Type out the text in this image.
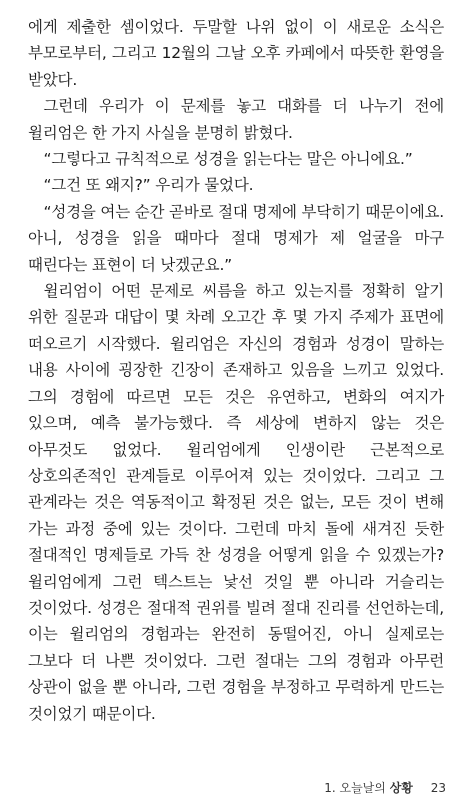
에게 제출한 셈이었다. 두말할 나위 없이 이 새로운 소식은 부모로부터, 그리고 12월의 그날 오후 카페에서 따뜻한 환영을 받았다.

그런데 우리가 이 문제를 놓고 대화를 더 나누기 전에 윌리엄은 한 가지 사실을 분명히 밝혔다.

“그렇다고 규칙적으로 성경을 읽는다는 말은 아니에요.”

“그건 또 왜지?” 우리가 물었다.

“성경을 여는 순간 곧바로 절대 명제에 부닥히기 때문이에요. 아니, 성경을 읽을 때마다 절대 명제가 제 얼굴을 마구 때린다는 표현이 더 낫겠군요.”

윌리엄이 어떤 문제로 씨름을 하고 있는지를 정확히 알기 위한 질문과 대답이 몇 차례 오고간 후 몇 가지 주제가 표면에 떠오르기 시작했다. 윌리엄은 자신의 경험과 성경이 말하는 내용 사이에 굉장한 긴장이 존재하고 있음을 느끼고 있었다. 그의 경험에 따르면 모든 것은 유연하고, 변화의 여지가 있으며, 예측 불가능했다. 즉 세상에 변하지 않는 것은 아무것도 없었다. 윌리엄에게 인생이란 근본적으로 상호의존적인 관계들로 이루어져 있는 것이었다. 그리고 그 관계라는 것은 역동적이고 확정된 것은 없는, 모든 것이 변해 가는 과정 중에 있는 것이다. 그런데 마치 돌에 새겨진 듯한 절대적인 명제들로 가득 찬 성경을 어떻게 읽을 수 있겠는가? 윌리엄에게 그런 텍스트는 낯선 것일 뿐 아니라 거슬리는 것이었다. 성경은 절대적 권위를 빌려 절대 진리를 선언하는데, 이는 윌리엄의 경험과는 완전히 동떨어진, 아니 실제로는 그보다 더 나쁜 것이었다. 그런 절대는 그의 경험과 아무런 상관이 없을 뿐 아니라, 그런 경험을 부정하고 무력하게 만드는 것이었기 때문이다.

1. 오늘날의 상황 23
